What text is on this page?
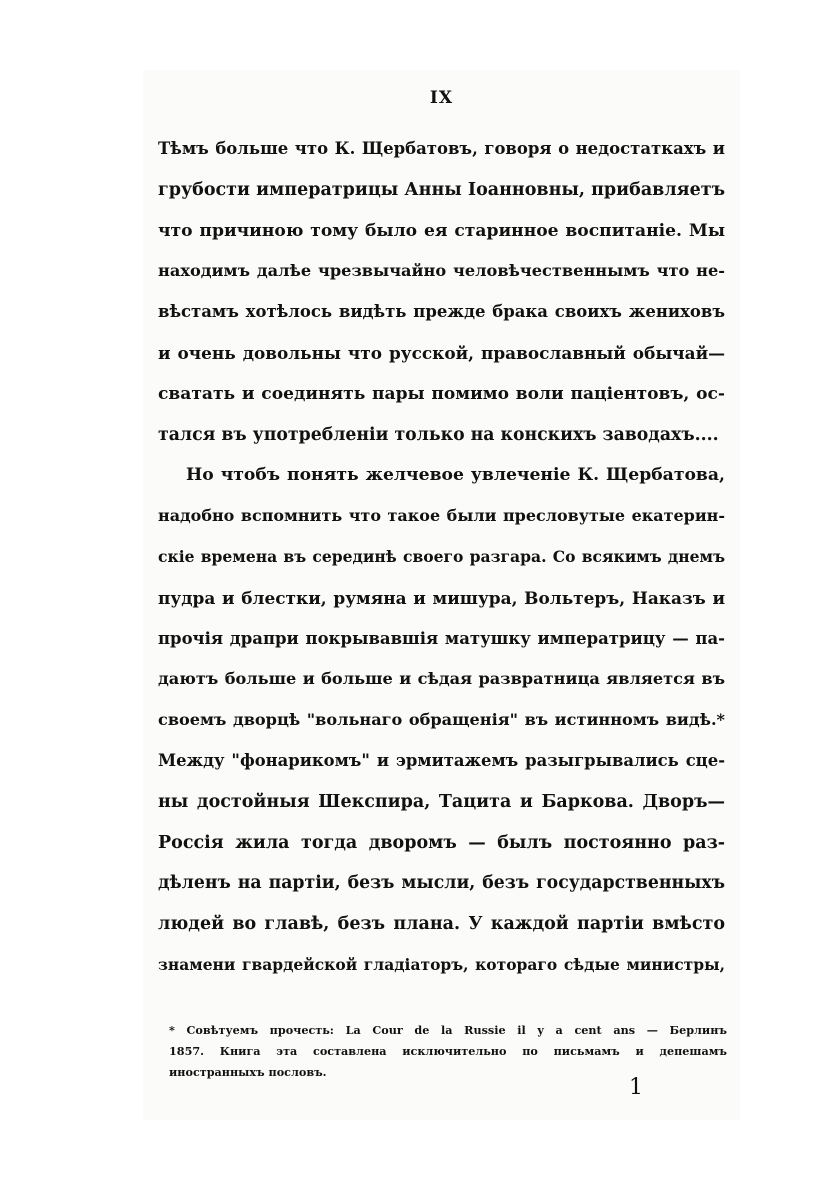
IX
Тѣмъ больше что К. Щербатовъ, говоря о недостаткахъ и
грубости императрицы Анны Іоанновны, прибавляетъ
что причиною тому было ея старинное воспитаніе. Мы
находимъ далѣе чрезвычайно человѣчественнымъ что не-
вѣстамъ хотѣлось видѣть прежде брака своихъ жениховъ
и очень довольны что русской, православный обычай—
сватать и соединять пары помимо воли паціентовъ, ос-
тался въ употребленіи только на конскихъ заводахъ....
Но чтобъ понять желчевое увлеченіе К. Щербатова,
надобно вспомнить что такое были пресловутые екатерин-
скіе времена въ серединѣ своего разгара. Со всякимъ днемъ
пудра и блестки, румяна и мишура, Вольтеръ, Наказъ и
прочія драпри покрывавшія матушку императрицу — па-
даютъ больше и больше и сѣдая развратница является въ
своемъ дворцѣ "вольнаго обращенія" въ истинномъ видѣ.*
Между "фонарикомъ" и эрмитажемъ разыгрывались сце-
ны достойныя Шекспира, Тацита и Баркова. Дворъ—
Россія жила тогда дворомъ — былъ постоянно раз-
дѣленъ на партіи, безъ мысли, безъ государственныхъ
людей во главѣ, безъ плана. У каждой партіи вмѣсто
знамени гвардейской гладіаторъ, котораго сѣдые министры,
* Совѣтуемъ прочесть: La Cour de la Russie il y a cent ans — Берлинъ
1857. Книга эта составлена исключительно по письмамъ и депешамъ
иностранныхъ пословъ.
1
